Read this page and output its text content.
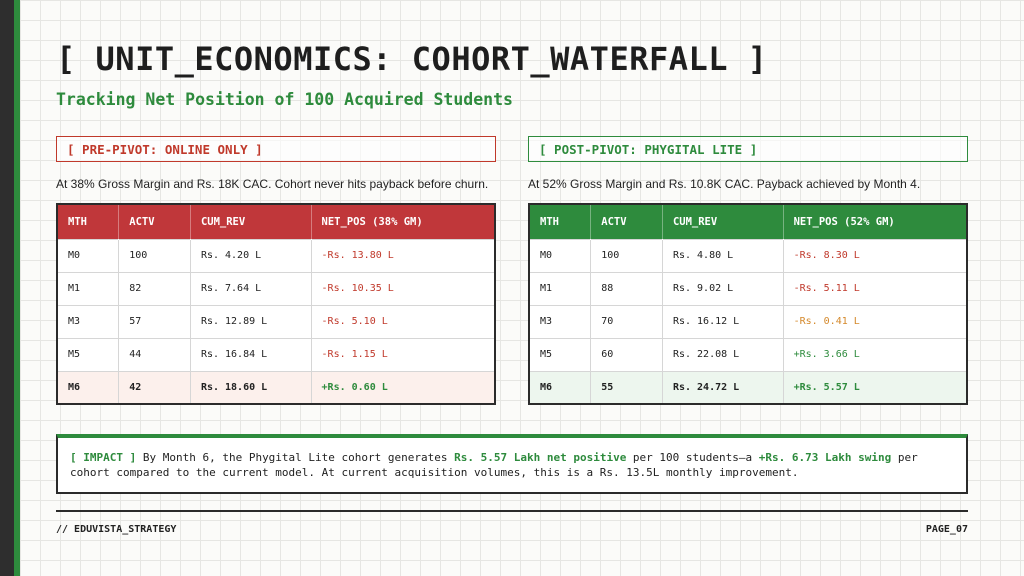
[ UNIT_ECONOMICS: COHORT_WATERFALL ]
Tracking Net Position of 100 Acquired Students
[ PRE-PIVOT: ONLINE ONLY ]
At 38% Gross Margin and Rs. 18K CAC. Cohort never hits payback before churn.
MTH	ACTV	CUM_REV	NET_POS (38% GM)
M0	100	Rs. 4.20 L	-Rs. 13.80 L
M1	82	Rs. 7.64 L	-Rs. 10.35 L
M3	57	Rs. 12.89 L	-Rs. 5.10 L
M5	44	Rs. 16.84 L	-Rs. 1.15 L
M6	42	Rs. 18.60 L	+Rs. 0.60 L
[ POST-PIVOT: PHYGITAL LITE ]
At 52% Gross Margin and Rs. 10.8K CAC. Payback achieved by Month 4.
MTH	ACTV	CUM_REV	NET_POS (52% GM)
M0	100	Rs. 4.80 L	-Rs. 8.30 L
M1	88	Rs. 9.02 L	-Rs. 5.11 L
M3	70	Rs. 16.12 L	-Rs. 0.41 L
M5	60	Rs. 22.08 L	+Rs. 3.66 L
M6	55	Rs. 24.72 L	+Rs. 5.57 L
[ IMPACT ] By Month 6, the Phygital Lite cohort generates Rs. 5.57 Lakh net positive per 100 students—a +Rs. 6.73 Lakh swing per cohort compared to the current model. At current acquisition volumes, this is a Rs. 13.5L monthly improvement.
// EDUVISTA_STRATEGY	PAGE_07
